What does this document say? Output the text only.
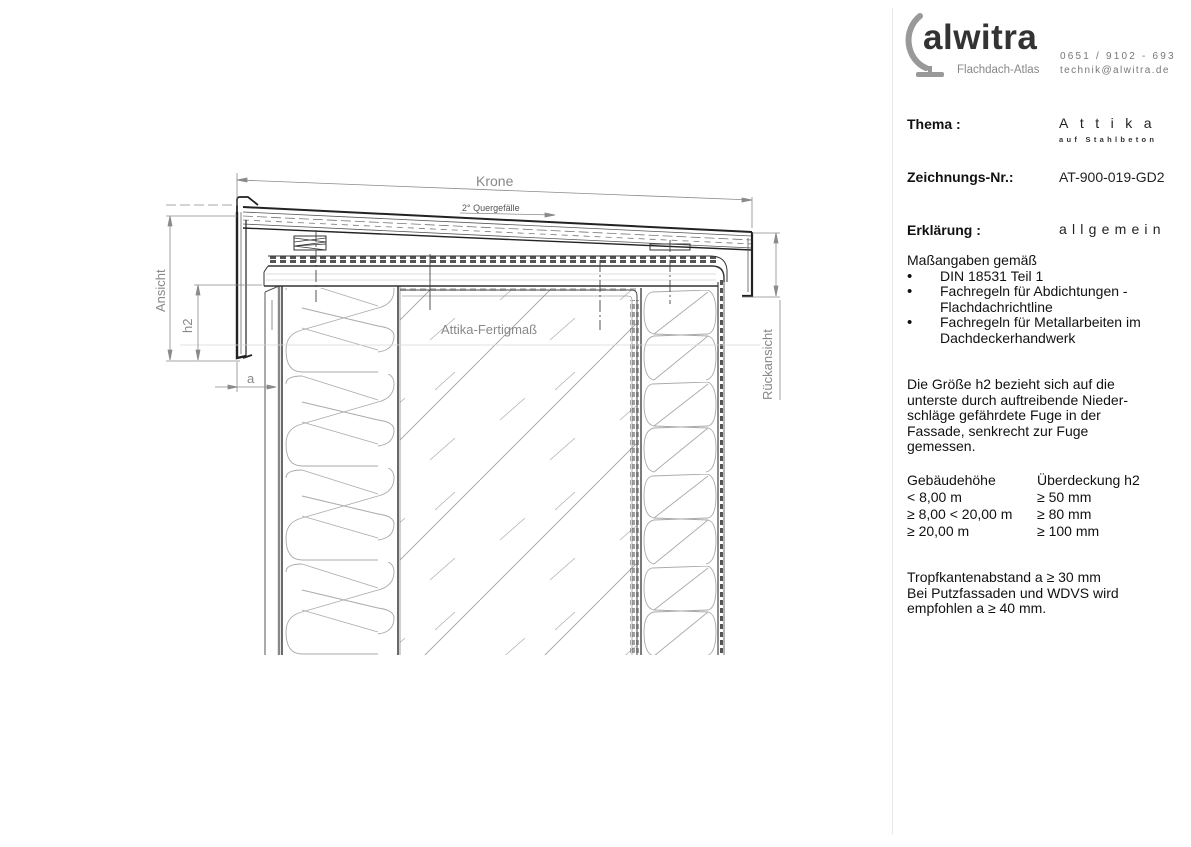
Krone
2° Quergefälle
Ansicht
h2
a
Attika-Fertigmaß	Rückansicht
alwitra
Flachdach-Atlas
0651 / 9102 - 693
technik@alwitra.de
Thema :	Attika
auf Stahlbeton
Zeichnungs-Nr.:	AT-900-019-GD2
Erklärung :	allgemein
Maßangaben gemäß
• DIN 18531 Teil 1
• Fachregeln für Abdichtungen - Flachdachrichtline
• Fachregeln für Metallarbeiten im Dachdeckerhandwerk
Die Größe h2 bezieht sich auf die unterste durch auftreibende Nieder-schläge gefährdete Fuge in der Fassade, senkrecht zur Fuge gemessen.
Gebäudehöhe	Überdeckung h2
< 8,00 m	≥ 50 mm
≥ 8,00 < 20,00 m ≥ 80 mm
≥ 20,00 m	≥ 100 mm
Tropfkantenabstand a ≥ 30 mm
Bei Putzfassaden und WDVS wird
empfohlen a ≥ 40 mm.
